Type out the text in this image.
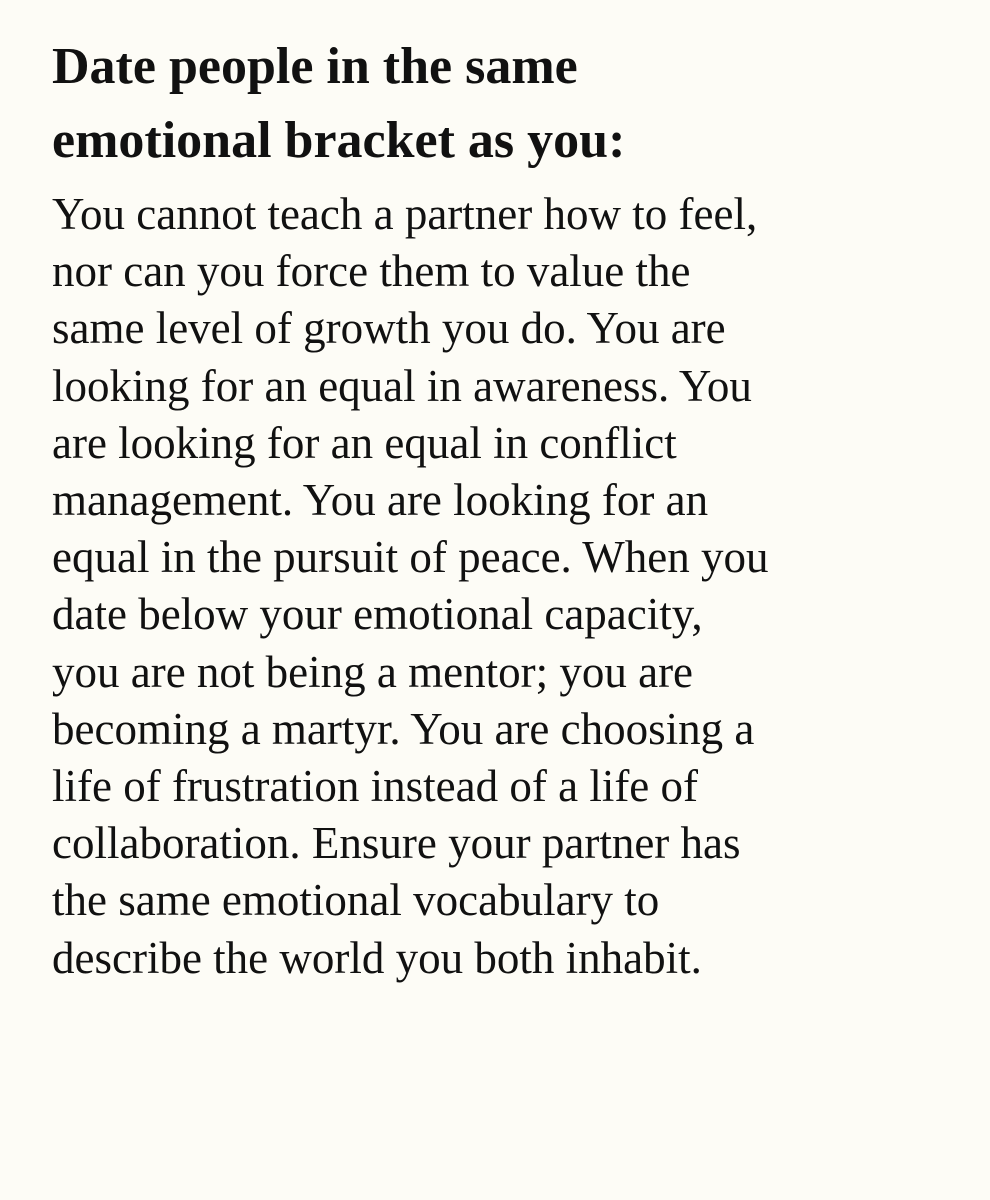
Date people in the same
emotional bracket as you:
You cannot teach a partner how to feel,
nor can you force them to value the
same level of growth you do. You are
looking for an equal in awareness. You
are looking for an equal in conflict
management. You are looking for an
equal in the pursuit of peace. When you
date below your emotional capacity,
you are not being a mentor; you are
becoming a martyr. You are choosing a
life of frustration instead of a life of
collaboration. Ensure your partner has
the same emotional vocabulary to
describe the world you both inhabit.
